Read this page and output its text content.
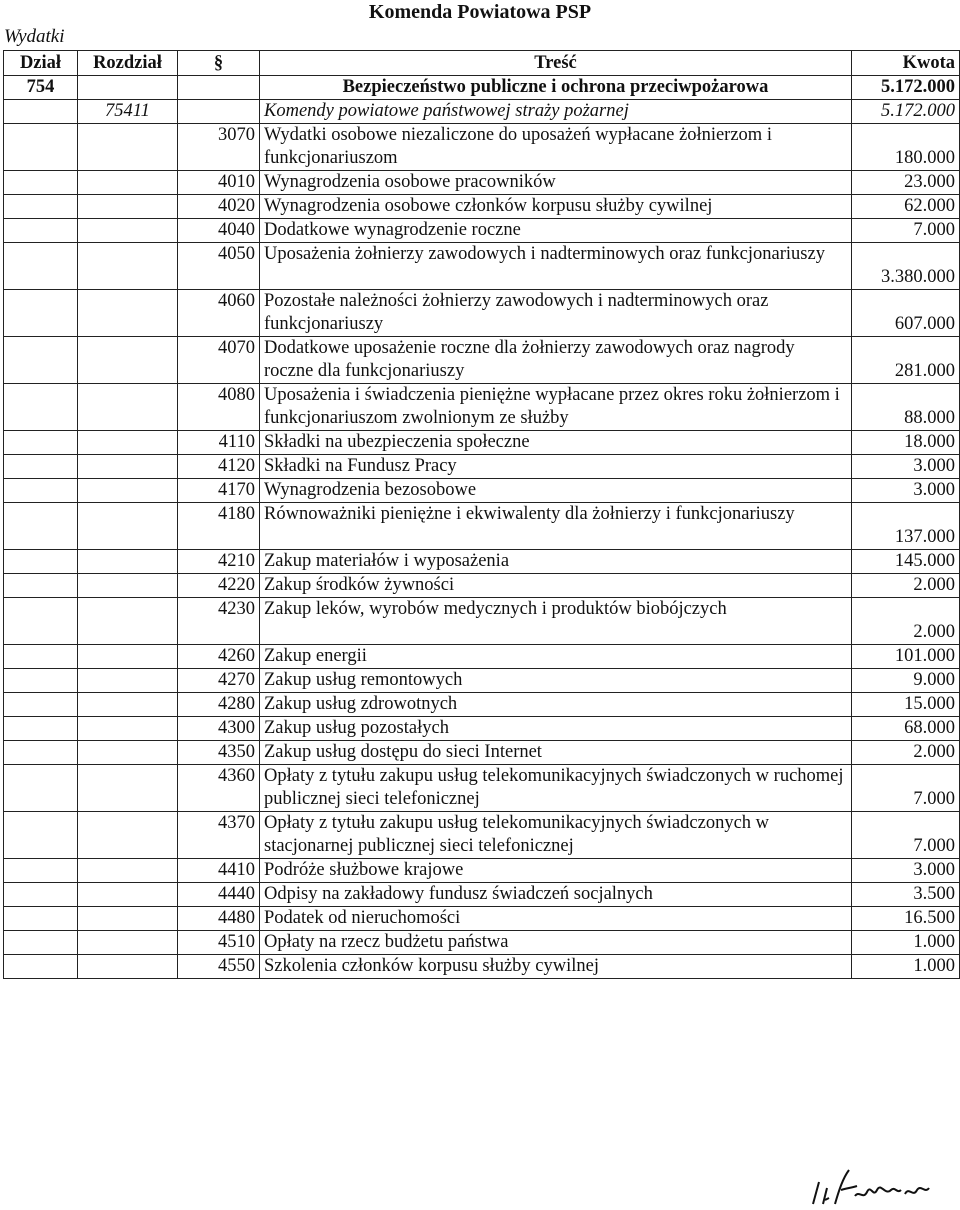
Komenda Powiatowa PSP
Wydatki
Dział	Rozdział	§	Treść	Kwota
754			Bezpieczeństwo publiczne i ochrona przeciwpożarowa	5.172.000
	75411		Komendy powiatowe państwowej straży pożarnej	5.172.000
		3070	Wydatki osobowe niezaliczone do uposażeń wypłacane żołnierzom i funkcjonariuszom	180.000
		4010	Wynagrodzenia osobowe pracowników	23.000
		4020	Wynagrodzenia osobowe członków korpusu służby cywilnej	62.000
		4040	Dodatkowe wynagrodzenie roczne	7.000
		4050	Uposażenia żołnierzy zawodowych i nadterminowych oraz funkcjonariuszy	3.380.000
		4060	Pozostałe należności żołnierzy zawodowych i nadterminowych oraz funkcjonariuszy	607.000
		4070	Dodatkowe uposażenie roczne dla żołnierzy zawodowych oraz nagrody roczne dla funkcjonariuszy	281.000
		4080	Uposażenia i świadczenia pieniężne wypłacane przez okres roku żołnierzom i funkcjonariuszom zwolnionym ze służby	88.000
		4110	Składki na ubezpieczenia społeczne	18.000
		4120	Składki na Fundusz Pracy	3.000
		4170	Wynagrodzenia bezosobowe	3.000
		4180	Równoważniki pieniężne i ekwiwalenty dla żołnierzy i funkcjonariuszy	137.000
		4210	Zakup materiałów i wyposażenia	145.000
		4220	Zakup środków żywności	2.000
		4230	Zakup leków, wyrobów medycznych i produktów biobójczych	2.000
		4260	Zakup energii	101.000
		4270	Zakup usług remontowych	9.000
		4280	Zakup usług zdrowotnych	15.000
		4300	Zakup usług pozostałych	68.000
		4350	Zakup usług dostępu do sieci Internet	2.000
		4360	Opłaty z tytułu zakupu usług telekomunikacyjnych świadczonych w ruchomej publicznej sieci telefonicznej	7.000
		4370	Opłaty z tytułu zakupu usług telekomunikacyjnych świadczonych w stacjonarnej publicznej sieci telefonicznej	7.000
		4410	Podróże służbowe krajowe	3.000
		4440	Odpisy na zakładowy fundusz świadczeń socjalnych	3.500
		4480	Podatek od nieruchomości	16.500
		4510	Opłaty na rzecz budżetu państwa	1.000
		4550	Szkolenia członków korpusu służby cywilnej	1.000
